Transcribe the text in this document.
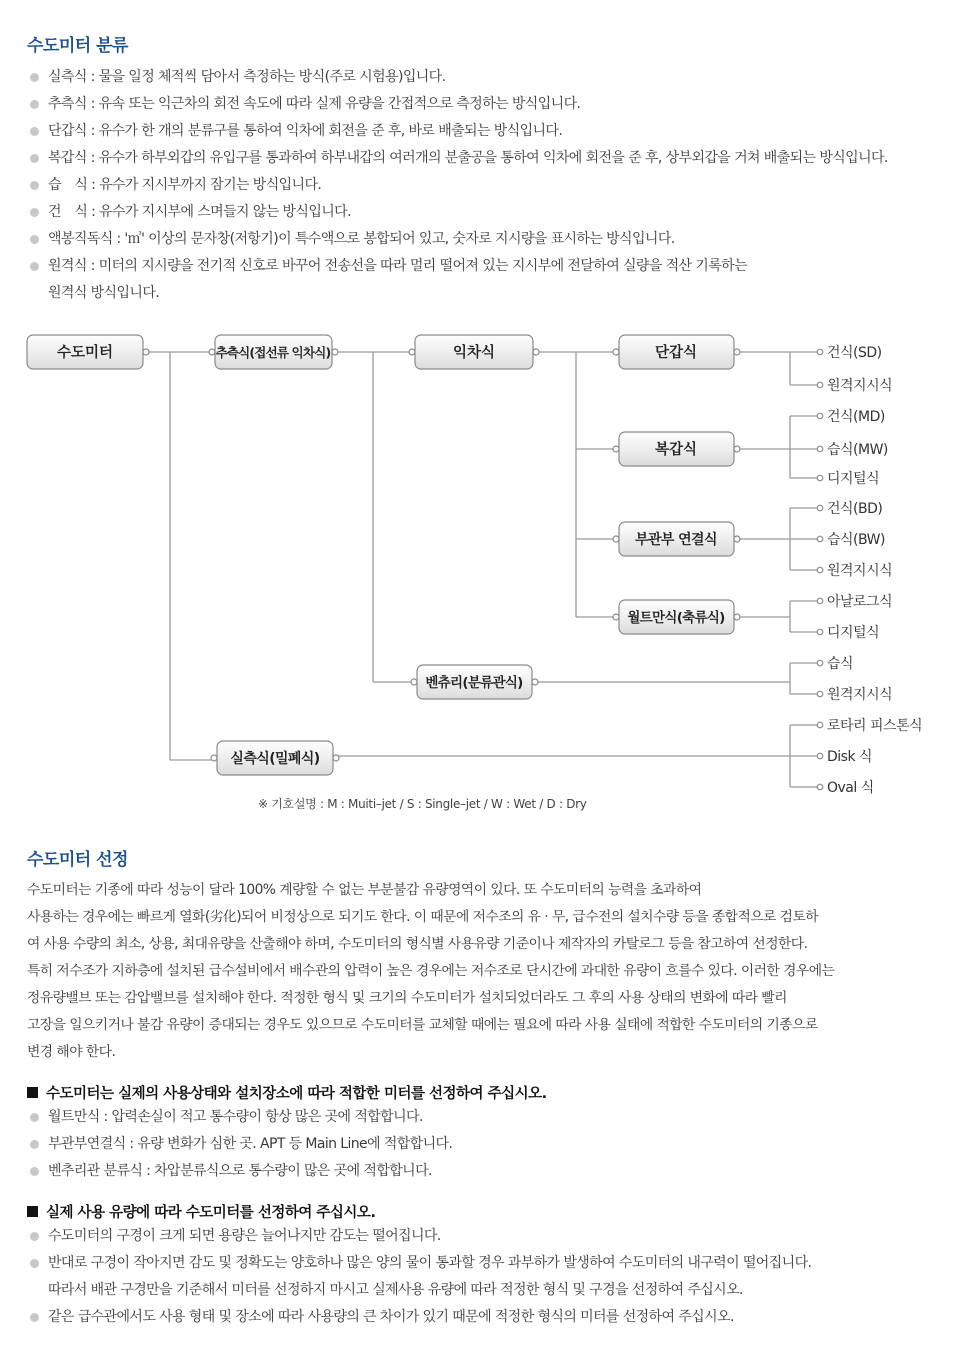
수도미터 분류
실측식 : 물을 일정 체적씩 담아서 측정하는 방식(주로 시험용)입니다.
추측식 : 유속 또는 익근차의 회전 속도에 따라 실제 유량을 간접적으로 측정하는 방식입니다.
단갑식 : 유수가 한 개의 분류구를 통하여 익차에 회전을 준 후, 바로 배출되는 방식입니다.
복갑식 : 유수가 하부외갑의 유입구를 통과하여 하부내갑의 여러개의 분출공을 통하여 익차에 회전을 준 후, 상부외갑을 거쳐 배출되는 방식입니다.
습　식 : 유수가 지시부까지 잠기는 방식입니다.
건　식 : 유수가 지시부에 스며들지 않는 방식입니다.
액봉직독식 : '㎥' 이상의 문자창(저항기)이 특수액으로 봉합되어 있고, 숫자로 지시량을 표시하는 방식입니다.
원격식 : 미터의 지시량을 전기적 신호로 바꾸어 전송선을 따라 멀리 떨어져 있는 지시부에 전달하여 실량을 적산 기록하는
원격식 방식입니다.
수도미터	추측식(접선류 익차식)	익차식	단갑식
복갑식
부관부 연결식
월트만식(축류식)
벤츄리(분류관식)
실측식(밀폐식)
건식(SD)
원격지시식
건식(MD)
습식(MW)
디지털식
건식(BD)
습식(BW)
원격지시식
아날로그식
디지털식
습식
원격지시식
로타리 피스톤식
Disk 식
Oval 식
※ 기호설명 : M : Muiti–jet / S : Single–jet / W : Wet / D : Dry
수도미터 선정
수도미터는 기종에 따라 성능이 달라 100% 계량할 수 없는 부분불감 유량영역이 있다. 또 수도미터의 능력을 초과하여
사용하는 경우에는 빠르게 열화(劣化)되어 비정상으로 되기도 한다. 이 때문에 저수조의 유 · 무, 급수전의 설치수량 등을 종합적으로 검토하
여 사용 수량의 최소, 상용, 최대유량을 산출해야 하며, 수도미터의 형식별 사용유량 기준이나 제작자의 카탈로그 등을 참고하여 선정한다.
특히 저수조가 지하층에 설치된 급수설비에서 배수관의 압력이 높은 경우에는 저수조로 단시간에 과대한 유량이 흐를수 있다. 이러한 경우에는
정유량밸브 또는 감압밸브를 설치해야 한다. 적정한 형식 및 크기의 수도미터가 설치되었더라도 그 후의 사용 상태의 변화에 따라 빨리
고장을 일으키거나 불감 유량이 증대되는 경우도 있으므로 수도미터를 교체할 때에는 필요에 따라 사용 실태에 적합한 수도미터의 기종으로
변경 해야 한다.
수도미터는 실제의 사용상태와 설치장소에 따라 적합한 미터를 선정하여 주십시오.
월트만식 : 압력손실이 적고 통수량이 항상 많은 곳에 적합합니다.
부관부연결식 : 유량 변화가 심한 곳. APT 등 Main Line에 적합합니다.
벤추리관 분류식 : 차압분류식으로 통수량이 많은 곳에 적합합니다.
실제 사용 유량에 따라 수도미터를 선정하여 주십시오.
수도미터의 구경이 크게 되면 용량은 늘어나지만 감도는 떨어집니다.
반대로 구경이 작아지면 감도 및 정확도는 양호하나 많은 양의 물이 통과할 경우 과부하가 발생하여 수도미터의 내구력이 떨어집니다.
따라서 배관 구경만을 기준해서 미터를 선정하지 마시고 실제사용 유량에 따라 적정한 형식 및 구경을 선정하여 주십시오.
같은 급수관에서도 사용 형태 및 장소에 따라 사용량의 큰 차이가 있기 때문에 적정한 형식의 미터를 선정하여 주십시오.
